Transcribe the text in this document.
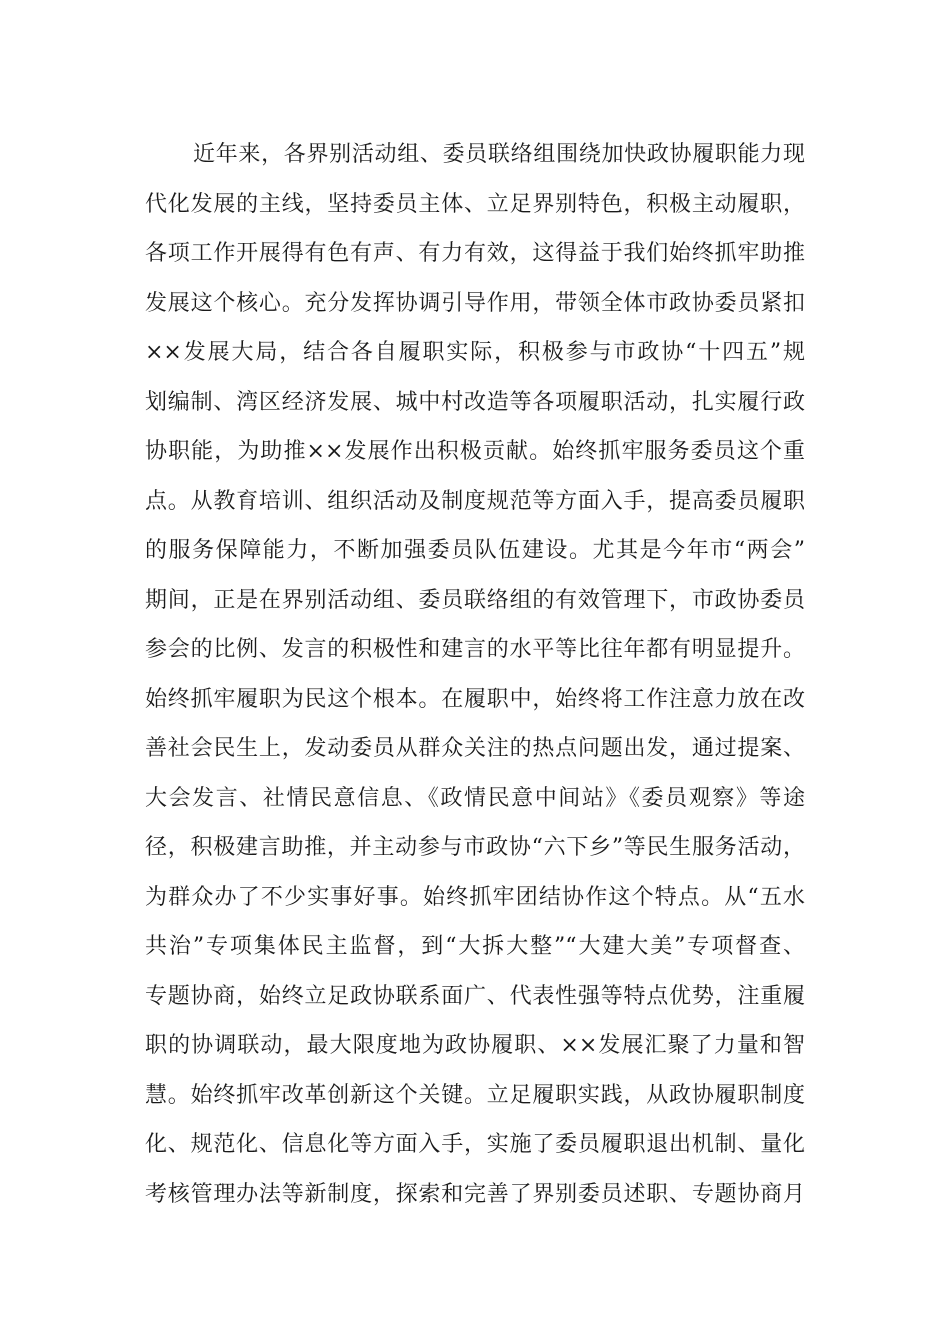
近年来，各界别活动组、委员联络组围绕加快政协履职能力现
代化发展的主线，坚持委员主体、立足界别特色，积极主动履职，
各项工作开展得有色有声、有力有效，这得益于我们始终抓牢助推
发展这个核心。充分发挥协调引导作用，带领全体市政协委员紧扣
××发展大局，结合各自履职实际，积极参与市政协“十四五”规
划编制、湾区经济发展、城中村改造等各项履职活动，扎实履行政
协职能，为助推××发展作出积极贡献。始终抓牢服务委员这个重
点。从教育培训、组织活动及制度规范等方面入手，提高委员履职
的服务保障能力，不断加强委员队伍建设。尤其是今年市“两会”
期间，正是在界别活动组、委员联络组的有效管理下，市政协委员
参会的比例、发言的积极性和建言的水平等比往年都有明显提升。
始终抓牢履职为民这个根本。在履职中，始终将工作注意力放在改
善社会民生上，发动委员从群众关注的热点问题出发，通过提案、
大会发言、社情民意信息、《政情民意中间站》《委员观察》等途
径，积极建言助推，并主动参与市政协“六下乡”等民生服务活动，
为群众办了不少实事好事。始终抓牢团结协作这个特点。从“五水
共治”专项集体民主监督，到“大拆大整”“大建大美”专项督查、
专题协商，始终立足政协联系面广、代表性强等特点优势，注重履
职的协调联动，最大限度地为政协履职、××发展汇聚了力量和智
慧。始终抓牢改革创新这个关键。立足履职实践，从政协履职制度
化、规范化、信息化等方面入手，实施了委员履职退出机制、量化
考核管理办法等新制度，探索和完善了界别委员述职、专题协商月
